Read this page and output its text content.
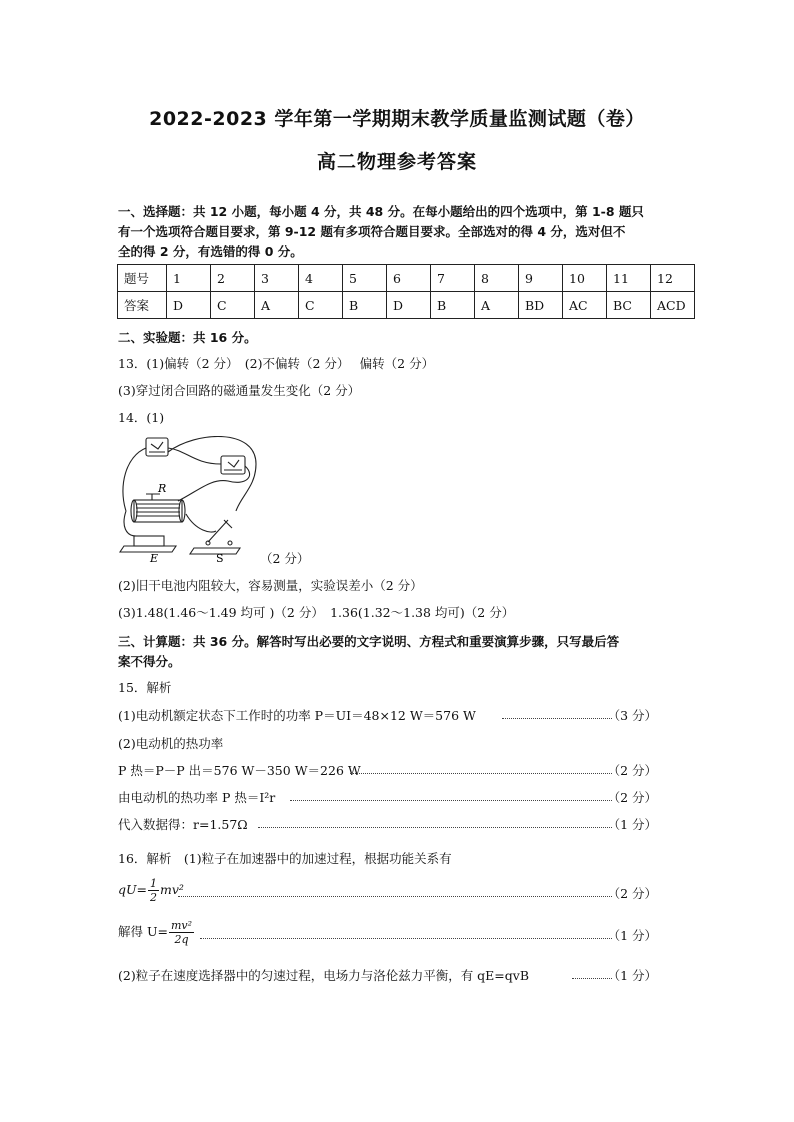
2022-2023 学年第一学期期末教学质量监测试题（卷）
高二物理参考答案
一、选择题：共 12 小题，每小题 4 分，共 48 分。在每小题给出的四个选项中，第 1-8 题只
有一个选项符合题目要求，第 9-12 题有多项符合题目要求。全部选对的得 4 分，选对但不
全的得 2 分，有选错的得 0 分。
题号	1	2	3	4	5	6	7	8	9	10	11	12
答案	D	C	A	C	B	D	B	A	BD	AC	BC	ACD
二、实验题：共 16 分。
13．(1)偏转（2 分）　(2)不偏转（2 分）　 偏转（2 分）
(3)穿过闭合回路的磁通量发生变化（2 分）
14．(1)
R
E	S	（2 分）
(2)旧干电池内阻较大，容易测量，实验误差小（2 分）
(3)1.48(1.46～1.49 均可 )（2 分）　1.36(1.32～1.38 均可)（2 分）
三、计算题：共 36 分。解答时写出必要的文字说明、方程式和重要演算步骤，只写最后答
案不得分。
15．解析
(1)电动机额定状态下工作时的功率 P＝UI＝48×12 W＝576 W	（3 分）
(2)电动机的热功率
P 热＝P－P 出＝576 W－350 W＝226 W	（2 分）
由电动机的热功率 P 热＝I²r	（2 分）
代入数据得：r=1.57Ω	（1 分）
16．解析　(1)粒子在加速器中的加速过程，根据功能关系有
$qU= \frac{1}{2} mv^2$	（2 分）
解得 $U= \frac{\text{mv²}}{2q}$	（1 分）
(2)粒子在速度选择器中的匀速过程，电场力与洛伦兹力平衡，有 qE=qvB	（1 分）
